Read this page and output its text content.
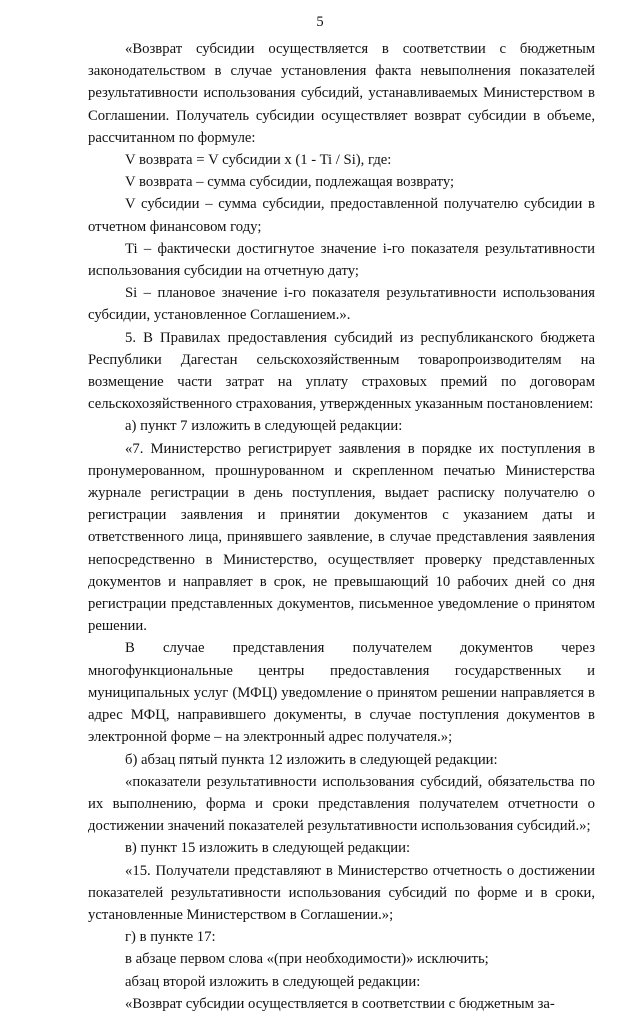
5

«Возврат субсидии осуществляется в соответствии с бюджетным законодательством в случае установления факта невыполнения показателей результативности использования субсидий, устанавливаемых Министерством в Соглашении. Получатель субсидии осуществляет возврат субсидии в объеме, рассчитанном по формуле:

V возврата = V субсидии x (1 - Ti / Si), где:

V возврата – сумма субсидии, подлежащая возврату;

V субсидии – сумма субсидии, предоставленной получателю субсидии в отчетном финансовом году;

Ti – фактически достигнутое значение i-го показателя результативности использования субсидии на отчетную дату;

Si – плановое значение i-го показателя результативности использования субсидии, установленное Соглашением.».

5. В Правилах предоставления субсидий из республиканского бюджета Республики Дагестан сельскохозяйственным товаропроизводителям на возмещение части затрат на уплату страховых премий по договорам сельскохозяйственного страхования, утвержденных указанным постановлением:

а) пункт 7 изложить в следующей редакции:

«7. Министерство регистрирует заявления в порядке их поступления в пронумерованном, прошнурованном и скрепленном печатью Министерства журнале регистрации в день поступления, выдает расписку получателю о регистрации заявления и принятии документов с указанием даты и ответственного лица, принявшего заявление, в случае представления заявления непосредственно в Министерство, осуществляет проверку представленных документов и направляет в срок, не превышающий 10 рабочих дней со дня регистрации представленных документов, письменное уведомление о принятом решении.

В случае представления получателем документов через многофункциональные центры предоставления государственных и муниципальных услуг (МФЦ) уведомление о принятом решении направляется в адрес МФЦ, направившего документы, в случае поступления документов в электронной форме – на электронный адрес получателя.»;

б) абзац пятый пункта 12 изложить в следующей редакции:

«показатели результативности использования субсидий, обязательства по их выполнению, форма и сроки представления получателем отчетности о достижении значений показателей результативности использования субсидий.»;

в) пункт 15 изложить в следующей редакции:

«15. Получатели представляют в Министерство отчетность о достижении показателей результативности использования субсидий по форме и в сроки, установленные Министерством в Соглашении.»;

г) в пункте 17:

в абзаце первом слова «(при необходимости)» исключить;

абзац второй изложить в следующей редакции:

«Возврат субсидии осуществляется в соответствии с бюджетным за-
